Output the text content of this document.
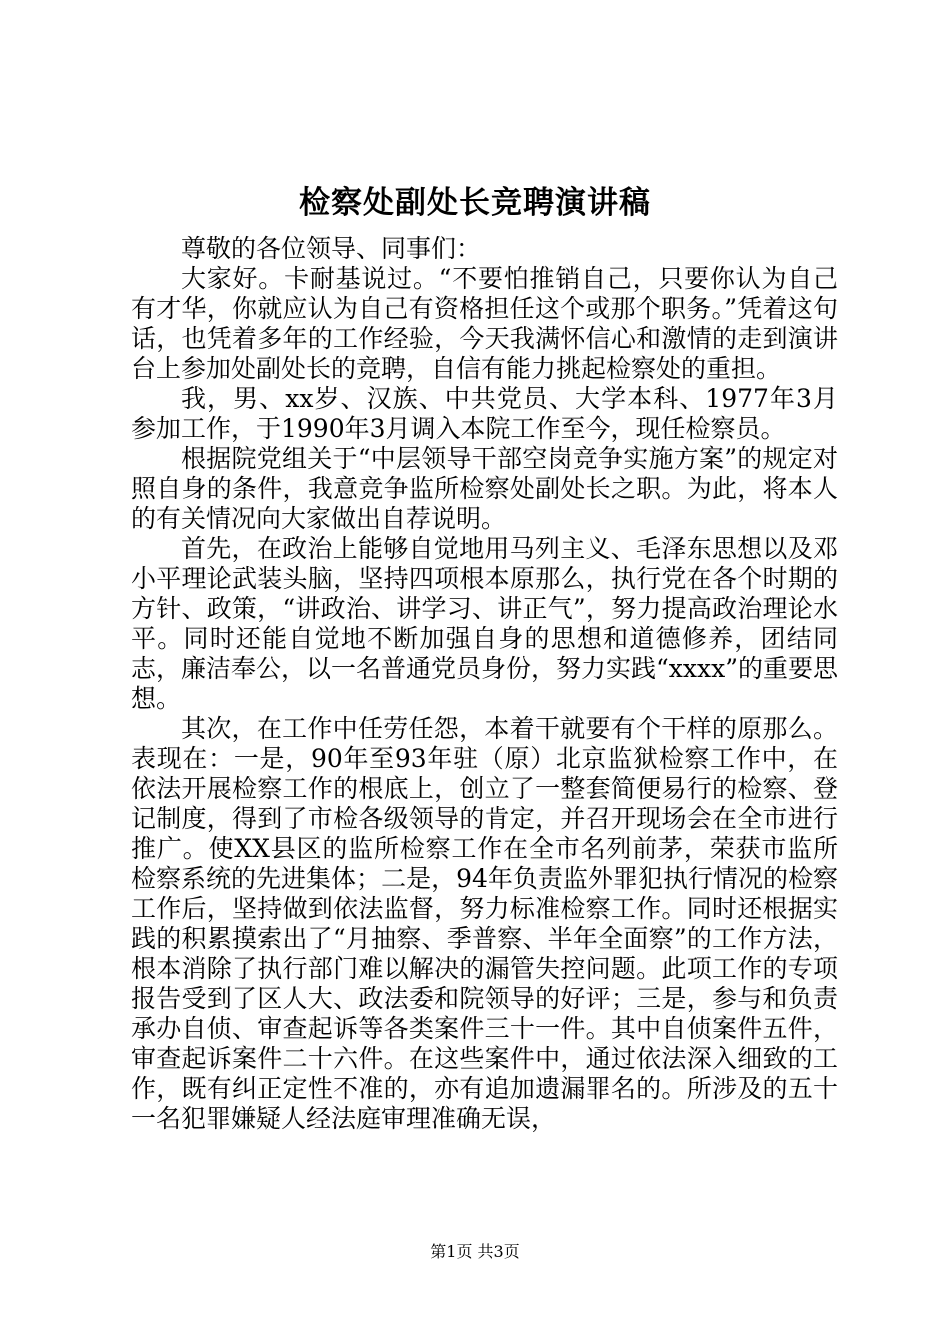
检察处副处长竞聘演讲稿

尊敬的各位领导、同事们：

大家好。卡耐基说过。“不要怕推销自己，只要你认为自己有才华，你就应认为自己有资格担任这个或那个职务。”凭着这句话，也凭着多年的工作经验，今天我满怀信心和激情的走到演讲台上参加处副处长的竞聘，自信有能力挑起检察处的重担。

我，男、xx岁、汉族、中共党员、大学本科、1977年3月参加工作，于1990年3月调入本院工作至今，现任检察员。

根据院党组关于“中层领导干部空岗竞争实施方案”的规定对照自身的条件，我意竞争监所检察处副处长之职。为此，将本人的有关情况向大家做出自荐说明。

首先，在政治上能够自觉地用马列主义、毛泽东思想以及邓小平理论武装头脑，坚持四项根本原那么，执行党在各个时期的方针、政策，“讲政治、讲学习、讲正气”，努力提高政治理论水平。同时还能自觉地不断加强自身的思想和道德修养，团结同志，廉洁奉公，以一名普通党员身份，努力实践“xxxx”的重要思想。

其次，在工作中任劳任怨，本着干就要有个干样的原那么。表现在：一是，90年至93年驻（原）北京监狱检察工作中，在依法开展检察工作的根底上，创立了一整套简便易行的检察、登记制度，得到了市检各级领导的肯定，并召开现场会在全市进行推广。使XX县区的监所检察工作在全市名列前茅，荣获市监所检察系统的先进集体；二是，94年负责监外罪犯执行情况的检察工作后，坚持做到依法监督，努力标准检察工作。同时还根据实践的积累摸索出了“月抽察、季普察、半年全面察”的工作方法，根本消除了执行部门难以解决的漏管失控问题。此项工作的专项报告受到了区人大、政法委和院领导的好评；三是，参与和负责承办自侦、审查起诉等各类案件三十一件。其中自侦案件五件，审查起诉案件二十六件。在这些案件中，通过依法深入细致的工作，既有纠正定性不准的，亦有追加遗漏罪名的。所涉及的五十一名犯罪嫌疑人经法庭审理准确无误，

第1页 共3页
